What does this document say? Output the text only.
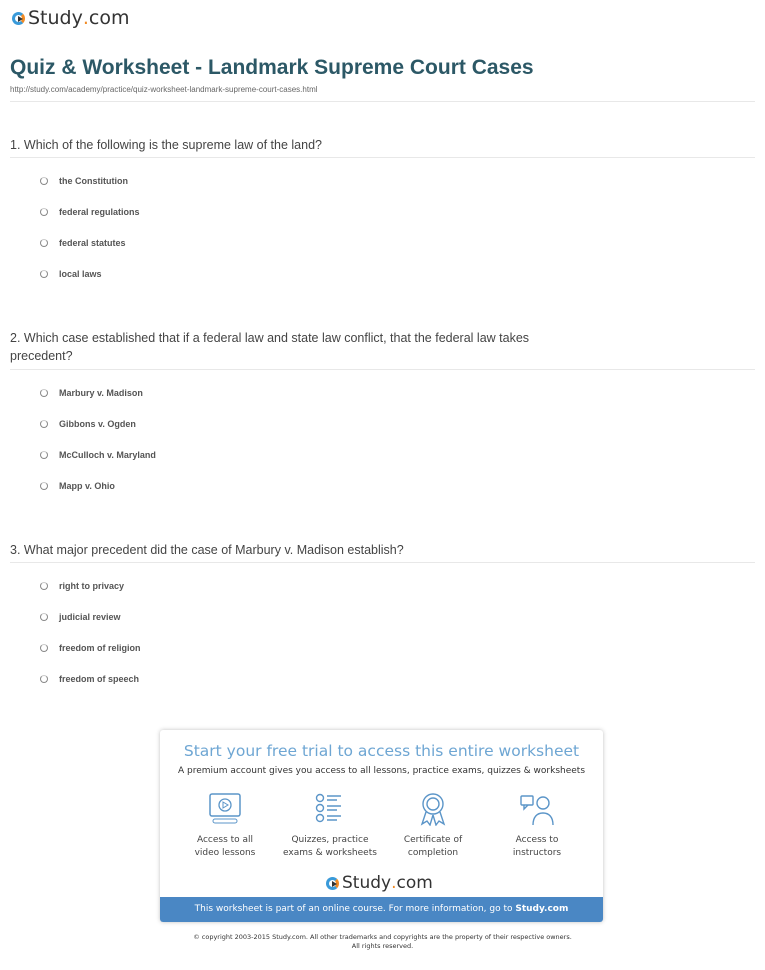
Study . com
Quiz & Worksheet - Landmark Supreme Court Cases
http://study.com/academy/practice/quiz-worksheet-landmark-supreme-court-cases.html
1. Which of the following is the supreme law of the land?
the Constitution
federal regulations
federal statutes
local laws
2. Which case established that if a federal law and state law conflict, that the federal law takes precedent?
Marbury v. Madison
Gibbons v. Ogden
McCulloch v. Maryland
Mapp v. Ohio
3. What major precedent did the case of Marbury v. Madison establish?
right to privacy
judicial review
freedom of religion
freedom of speech
Start your free trial to access this entire worksheet
A premium account gives you access to all lessons, practice exams, quizzes & worksheets
Access to all
video lessons
Quizzes, practice
exams & worksheets
Certificate of
completion
Access to
instructors
Study . com
This worksheet is part of an online course. For more information, go to Study.com
© copyright 2003-2015 Study.com. All other trademarks and copyrights are the property of their respective owners.
All rights reserved.
